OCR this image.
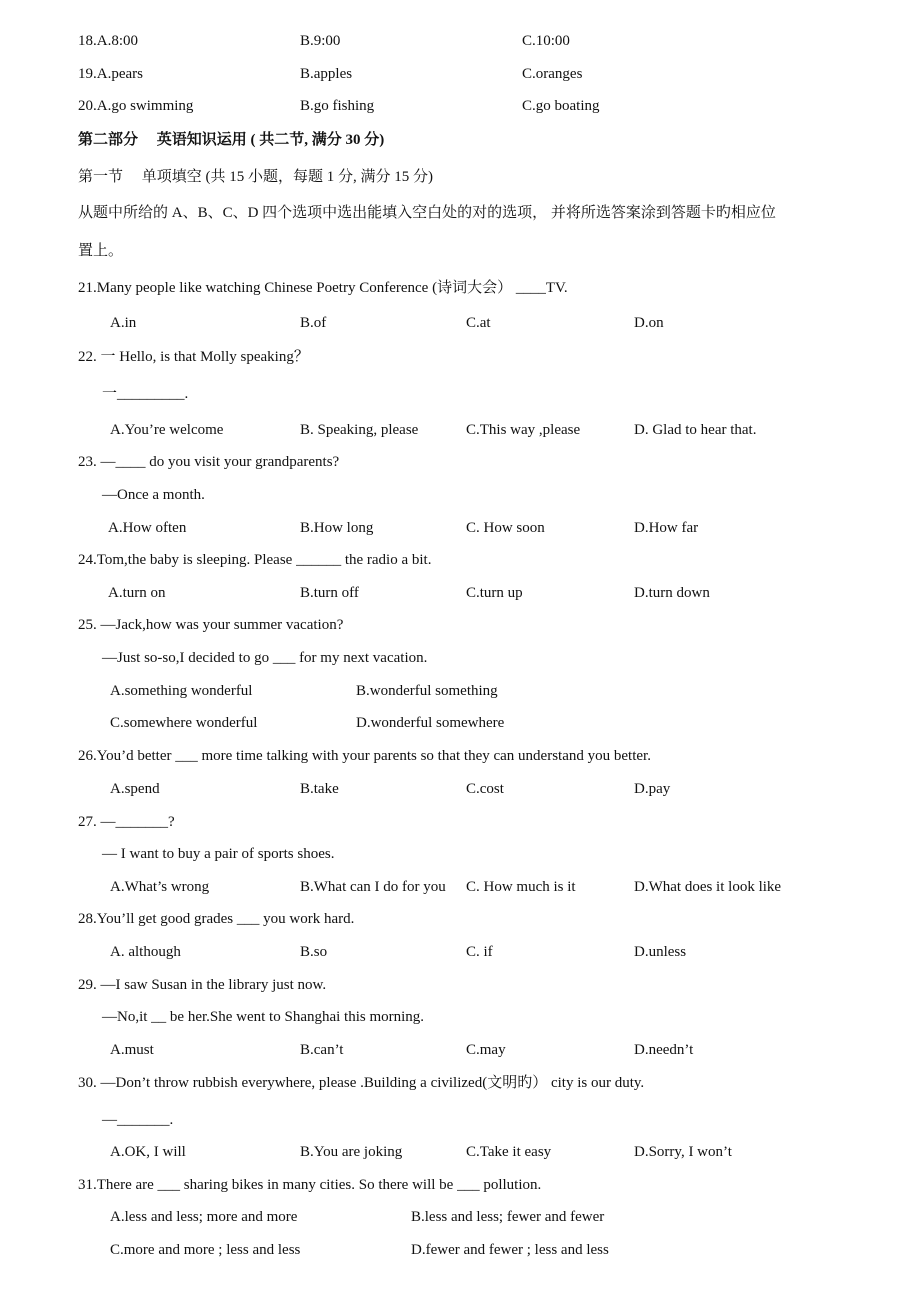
18.A.8:00	B.9:00	C.10:00
19.A.pears	B.apples	C.oranges
20.A.go swimming	B.go fishing	C.go boating
第二部分　 英语知识运用 ( 共二节, 满分 30 分)
第一节　 单项填空 (共 15 小题，每题 1 分, 满分 15 分)
从题中所给的 A、B、C、D 四个选项中选出能填入空白处的对的选项， 并将所选答案涂到答题卡旳相应位
置上。
21.Many people like watching Chinese Poetry Conference (诗词大会） ____TV.
A.in	B.of	C.at	D.on
22. 一 Hello, is that Molly speaking？
一_________.
A.You’re welcome	B. Speaking, please	C.This way ,please	D. Glad to hear that.
23. —____ do you visit your grandparents?
—Once a month.
A.How often	B.How long	C. How soon	D.How far
24.Tom,the baby is sleeping. Please ______ the radio a bit.
A.turn on	B.turn off	C.turn up	D.turn down
25. —Jack,how was your summer vacation?
—Just so-so,I decided to go ___ for my next vacation.
A.something wonderful	B.wonderful something
C.somewhere wonderful	D.wonderful somewhere
26.You’d better ___ more time talking with your parents so that they can understand you better.
A.spend	B.take	C.cost	D.pay
27. —_______?
— I want to buy a pair of sports shoes.
A.What’s wrong	B.What can I do for you C. How much is it	D.What does it look like
28.You’ll get good grades ___ you work hard.
A. although	B.so	C. if	D.unless
29. —I saw Susan in the library just now.
—No,it __ be her.She went to Shanghai this morning.
A.must	B.can’t	C.may	D.needn’t
30. —Don’t throw rubbish everywhere, please .Building a civilized(文明旳） city is our duty.
—_______.
A.OK, I will	B.You are joking	C.Take it easy	D.Sorry, I won’t
31.There are ___ sharing bikes in many cities. So there will be ___ pollution.
A.less and less; more and more	B.less and less; fewer and fewer
C.more and more ; less and less	D.fewer and fewer ; less and less
